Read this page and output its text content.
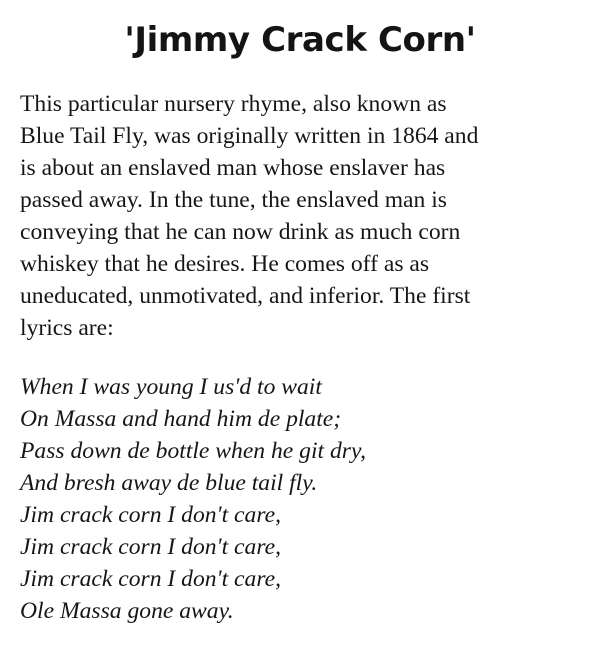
'Jimmy Crack Corn'

This particular nursery rhyme, also known as
Blue Tail Fly, was originally written in 1864 and
is about an enslaved man whose enslaver has
passed away. In the tune, the enslaved man is
conveying that he can now drink as much corn
whiskey that he desires. He comes off as as
uneducated, unmotivated, and inferior. The first
lyrics are:

When I was young I us'd to wait
On Massa and hand him de plate;
Pass down de bottle when he git dry,
And bresh away de blue tail fly.
Jim crack corn I don't care,
Jim crack corn I don't care,
Jim crack corn I don't care,
Ole Massa gone away.
